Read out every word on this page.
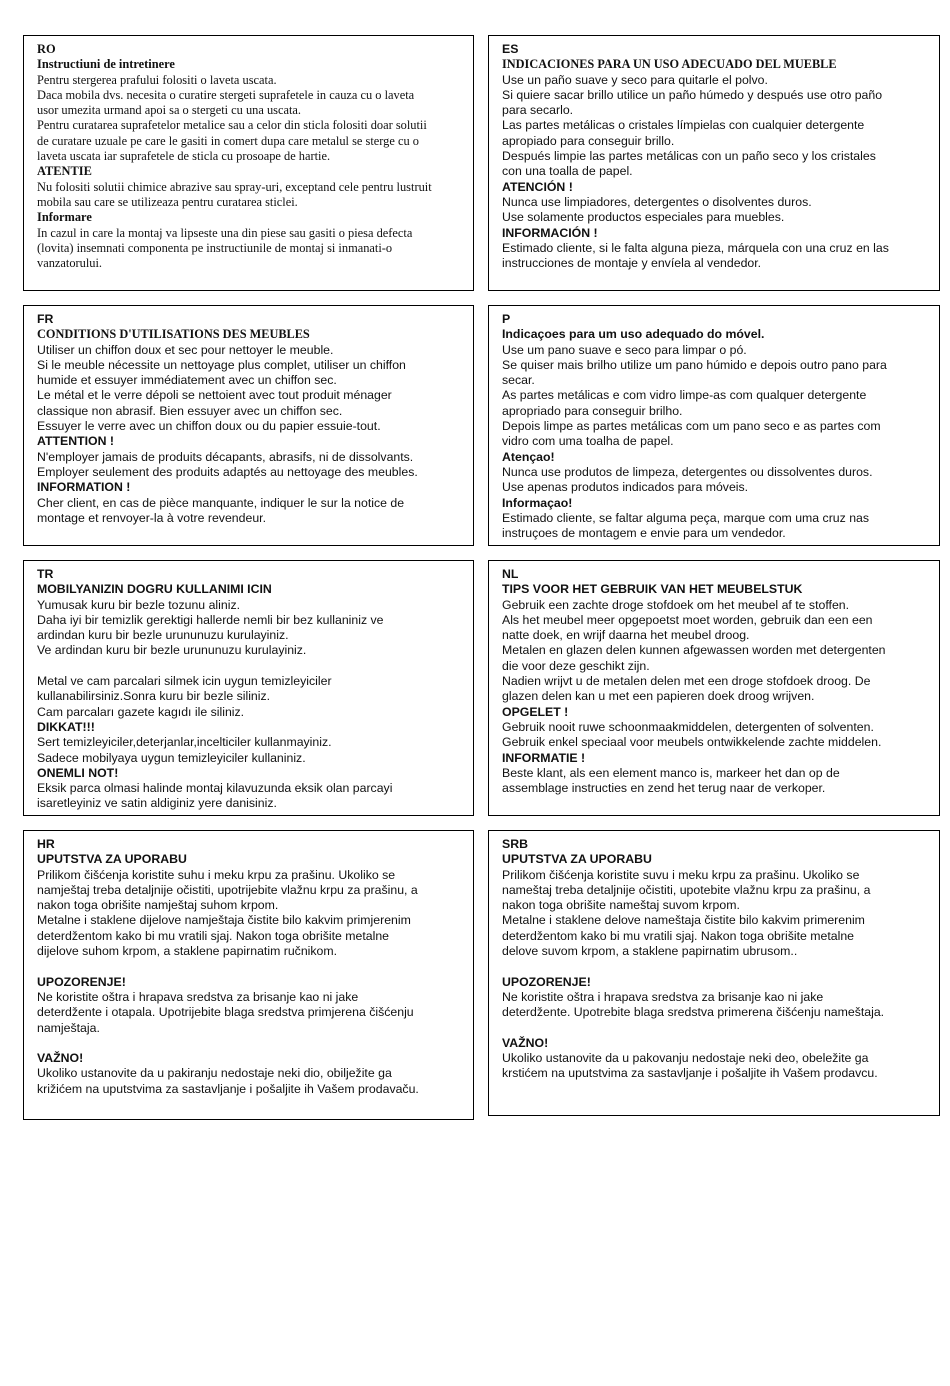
RO
Instructiuni de intretinere
Pentru stergerea prafului folositi o laveta uscata.
Daca mobila dvs. necesita o curatire stergeti suprafetele in cauza cu o laveta
usor umezita urmand apoi sa o stergeti cu una uscata.
Pentru curatarea suprafetelor metalice sau a celor din sticla folositi doar solutii
de curatare uzuale pe care le gasiti in comert dupa care metalul se sterge cu o
laveta uscata iar suprafetele de sticla cu prosoape de hartie.
ATENTIE
Nu folositi solutii chimice abrazive sau spray-uri, exceptand cele pentru lustruit
mobila sau care se utilizeaza pentru curatarea sticlei.
Informare
In cazul in care la montaj va lipseste una din piese sau gasiti o piesa defecta
(lovita) insemnati componenta pe instructiunile de montaj si inmanati-o
vanzatorului.
ES
INDICACIONES PARA UN USO ADECUADO DEL MUEBLE
Use un paño suave y seco para quitarle el polvo.
Si quiere sacar brillo utilice un paño húmedo y después use otro paño
para secarlo.
Las partes metálicas o cristales límpielas con cualquier detergente
apropiado para conseguir brillo.
Después limpie las partes metálicas con un paño seco y los cristales
con una toalla de papel.
ATENCIÓN !
Nunca use limpiadores, detergentes o disolventes duros.
Use solamente productos especiales para muebles.
INFORMACIÓN !
Estimado cliente, si le falta alguna pieza, márquela con una cruz en las
instrucciones de montaje y envíela al vendedor.
FR
CONDITIONS D'UTILISATIONS DES MEUBLES
Utiliser un chiffon doux et sec pour nettoyer le meuble.
Si le meuble nécessite un nettoyage plus complet, utiliser un chiffon
humide et essuyer immédiatement avec un chiffon sec.
Le métal et le verre dépoli se nettoient avec tout produit ménager
classique non abrasif. Bien essuyer avec un chiffon sec.
Essuyer le verre avec un chiffon doux ou du papier essuie-tout.
ATTENTION !
N'employer jamais de produits décapants, abrasifs, ni de dissolvants.
Employer seulement des produits adaptés au nettoyage des meubles.
INFORMATION !
Cher client, en cas de pièce manquante, indiquer le sur la notice de
montage et renvoyer-la à votre revendeur.
P
Indicaçoes para um uso adequado do móvel.
Use um pano suave e seco para limpar o pó.
Se quiser mais brilho utilize um pano húmido e depois outro pano para
secar.
As partes metálicas e com vidro limpe-as com qualquer detergente
apropriado para conseguir brilho.
Depois limpe as partes metálicas com um pano seco e as partes com
vidro com uma toalha de papel.
Atençao!
Nunca use produtos de limpeza, detergentes ou dissolventes duros.
Use apenas produtos indicados para móveis.
Informaçao!
Estimado cliente, se faltar alguma peça, marque com uma cruz nas
instruçoes de montagem e envie para um vendedor.
TR
MOBILYANIZIN DOGRU KULLANIMI ICIN
Yumusak kuru bir bezle tozunu aliniz.
Daha iyi bir temizlik gerektigi hallerde nemli bir bez kullaniniz ve
ardindan kuru bir bezle urununuzu kurulayiniz.
Ve ardindan kuru bir bezle urununuzu kurulayiniz.
Metal ve cam parcalari silmek icin uygun temizleyiciler
kullanabilirsiniz.Sonra kuru bir bezle siliniz.
Cam parcaları gazete kagıdı ile siliniz.
DIKKAT!!!
Sert temizleyiciler,deterjanlar,incelticiler kullanmayiniz.
Sadece mobilyaya uygun temizleyiciler kullaniniz.
ONEMLI NOT!
Eksik parca olmasi halinde montaj kilavuzunda eksik olan parcayi
isaretleyiniz ve satin aldiginiz yere danisiniz.
NL
TIPS VOOR HET GEBRUIK VAN HET MEUBELSTUK
Gebruik een zachte droge stofdoek om het meubel af te stoffen.
Als het meubel meer opgepoetst moet worden, gebruik dan een een
natte doek, en wrijf daarna het meubel droog.
Metalen en glazen delen kunnen afgewassen worden met detergenten
die voor deze geschikt zijn.
Nadien wrijvt u de metalen delen met een droge stofdoek droog. De
glazen delen kan u met een papieren doek droog wrijven.
OPGELET !
Gebruik nooit ruwe schoonmaakmiddelen, detergenten of solventen.
Gebruik enkel speciaal voor meubels ontwikkelende zachte middelen.
INFORMATIE !
Beste klant, als een element manco is, markeer het dan op de
assemblage instructies en zend het terug naar de verkoper.
HR
UPUTSTVA ZA UPORABU
Prilikom čišćenja koristite suhu i meku krpu za prašinu. Ukoliko se
namještaj treba detaljnije očistiti, upotrijebite vlažnu krpu za prašinu, a
nakon toga obrišite namještaj suhom krpom.
Metalne i staklene dijelove namještaja čistite bilo kakvim primjerenim
deterdžentom kako bi mu vratili sjaj. Nakon toga obrišite metalne
dijelove suhom krpom, a staklene papirnatim ručnikom.
UPOZORENJE!
Ne koristite oštra i hrapava sredstva za brisanje kao ni jake
deterdžente i otapala. Upotrijebite blaga sredstva primjerena čišćenju
namještaja.
VAŽNO!
Ukoliko ustanovite da u pakiranju nedostaje neki dio, obilježite ga
križićem na uputstvima za sastavljanje i pošaljite ih Vašem prodavaču.
SRB
UPUTSTVA ZA UPORABU
Prilikom čišćenja koristite suvu i meku krpu za prašinu. Ukoliko se
nameštaj treba detaljnije očistiti, upotebite vlažnu krpu za prašinu, a
nakon toga obrišite nameštaj suvom krpom.
Metalne i staklene delove nameštaja čistite bilo kakvim primerenim
deterdžentom kako bi mu vratili sjaj. Nakon toga obrišite metalne
delove suvom krpom, a staklene papirnatim ubrusom..
UPOZORENJE!
Ne koristite oštra i hrapava sredstva za brisanje kao ni jake
deterdžente. Upotrebite blaga sredstva primerena čišćenju nameštaja.
VAŽNO!
Ukoliko ustanovite da u pakovanju nedostaje neki deo, obeležite ga
krstićem na uputstvima za sastavljanje i pošaljite ih Vašem prodavcu.
